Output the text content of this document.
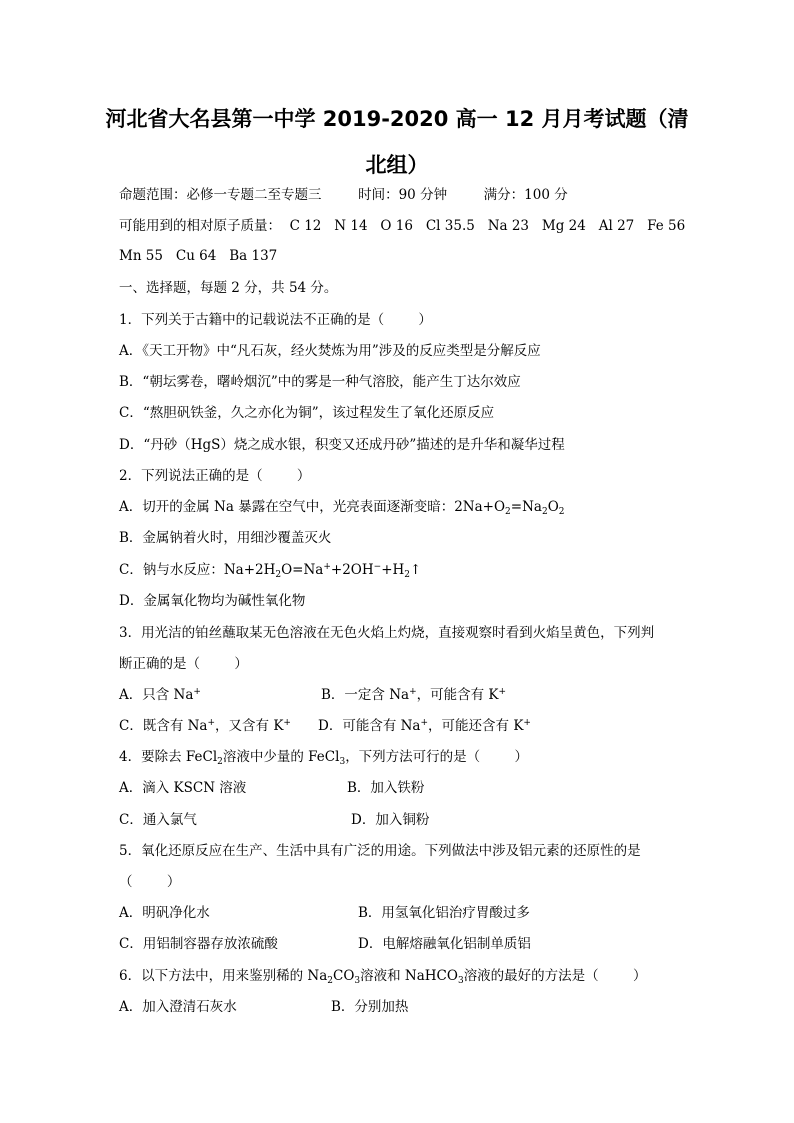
河北省大名县第一中学 2019-2020 高一 12 月月考试题（清
北组）
命题范围：必修一专题二至专题三	时间：90 分钟	满分：100 分
可能用到的相对原子质量：  C 12   N 14   O 16   Cl 35.5   Na 23   Mg 24   Al 27   Fe 56
Mn 55   Cu 64   Ba 137
一、选择题，每题 2 分，共 54 分。
1．下列关于古籍中的记载说法不正确的是（        ）
A．《天工开物》中“凡石灰，经火焚炼为用”涉及的反应类型是分解反应
B．“朝坛雾卷，曙岭烟沉”中的雾是一种气溶胶，能产生丁达尔效应
C．“熬胆矾铁釜，久之亦化为铜”，该过程发生了氧化还原反应
D．“丹砂（HgS）烧之成水银，积变又还成丹砂”描述的是升华和凝华过程
2．下列说法正确的是（        ）
A．切开的金属 Na 暴露在空气中，光亮表面逐渐变暗：$2Na+O_2=Na_2O_2$
B．金属钠着火时，用细沙覆盖灭火
C．钠与水反应：$Na+2H_2O=Na^++2OH^-+H_2↑$
D．金属氧化物均为碱性氧化物
3．用光洁的铂丝蘸取某无色溶液在无色火焰上灼烧，直接观察时看到火焰呈黄色，下列判
断正确的是（        ）
A．只含 Na+	B．一定含 Na+，可能含有 K+
C．既含有 Na+，又含有 K+ D．可能含有 Na+，可能还含有 K+
4．要除去 FeCl$_2$溶液中少量的 FeCl$_3$，下列方法可行的是（        ）
A．滴入 KSCN 溶液	B．加入铁粉
C．通入氯气	D．加入铜粉
5．氧化还原反应在生产、生活中具有广泛的用途。下列做法中涉及铝元素的还原性的是
（        ）
A．明矾净化水	B．用氢氧化铝治疗胃酸过多
C．用铝制容器存放浓硫酸	D．电解熔融氧化铝制单质铝
6．以下方法中，用来鉴别稀的 $Na_2CO_3$溶液和 NaHCO$_3$溶液的最好的方法是（        ）
A．加入澄清石灰水	B．分别加热
